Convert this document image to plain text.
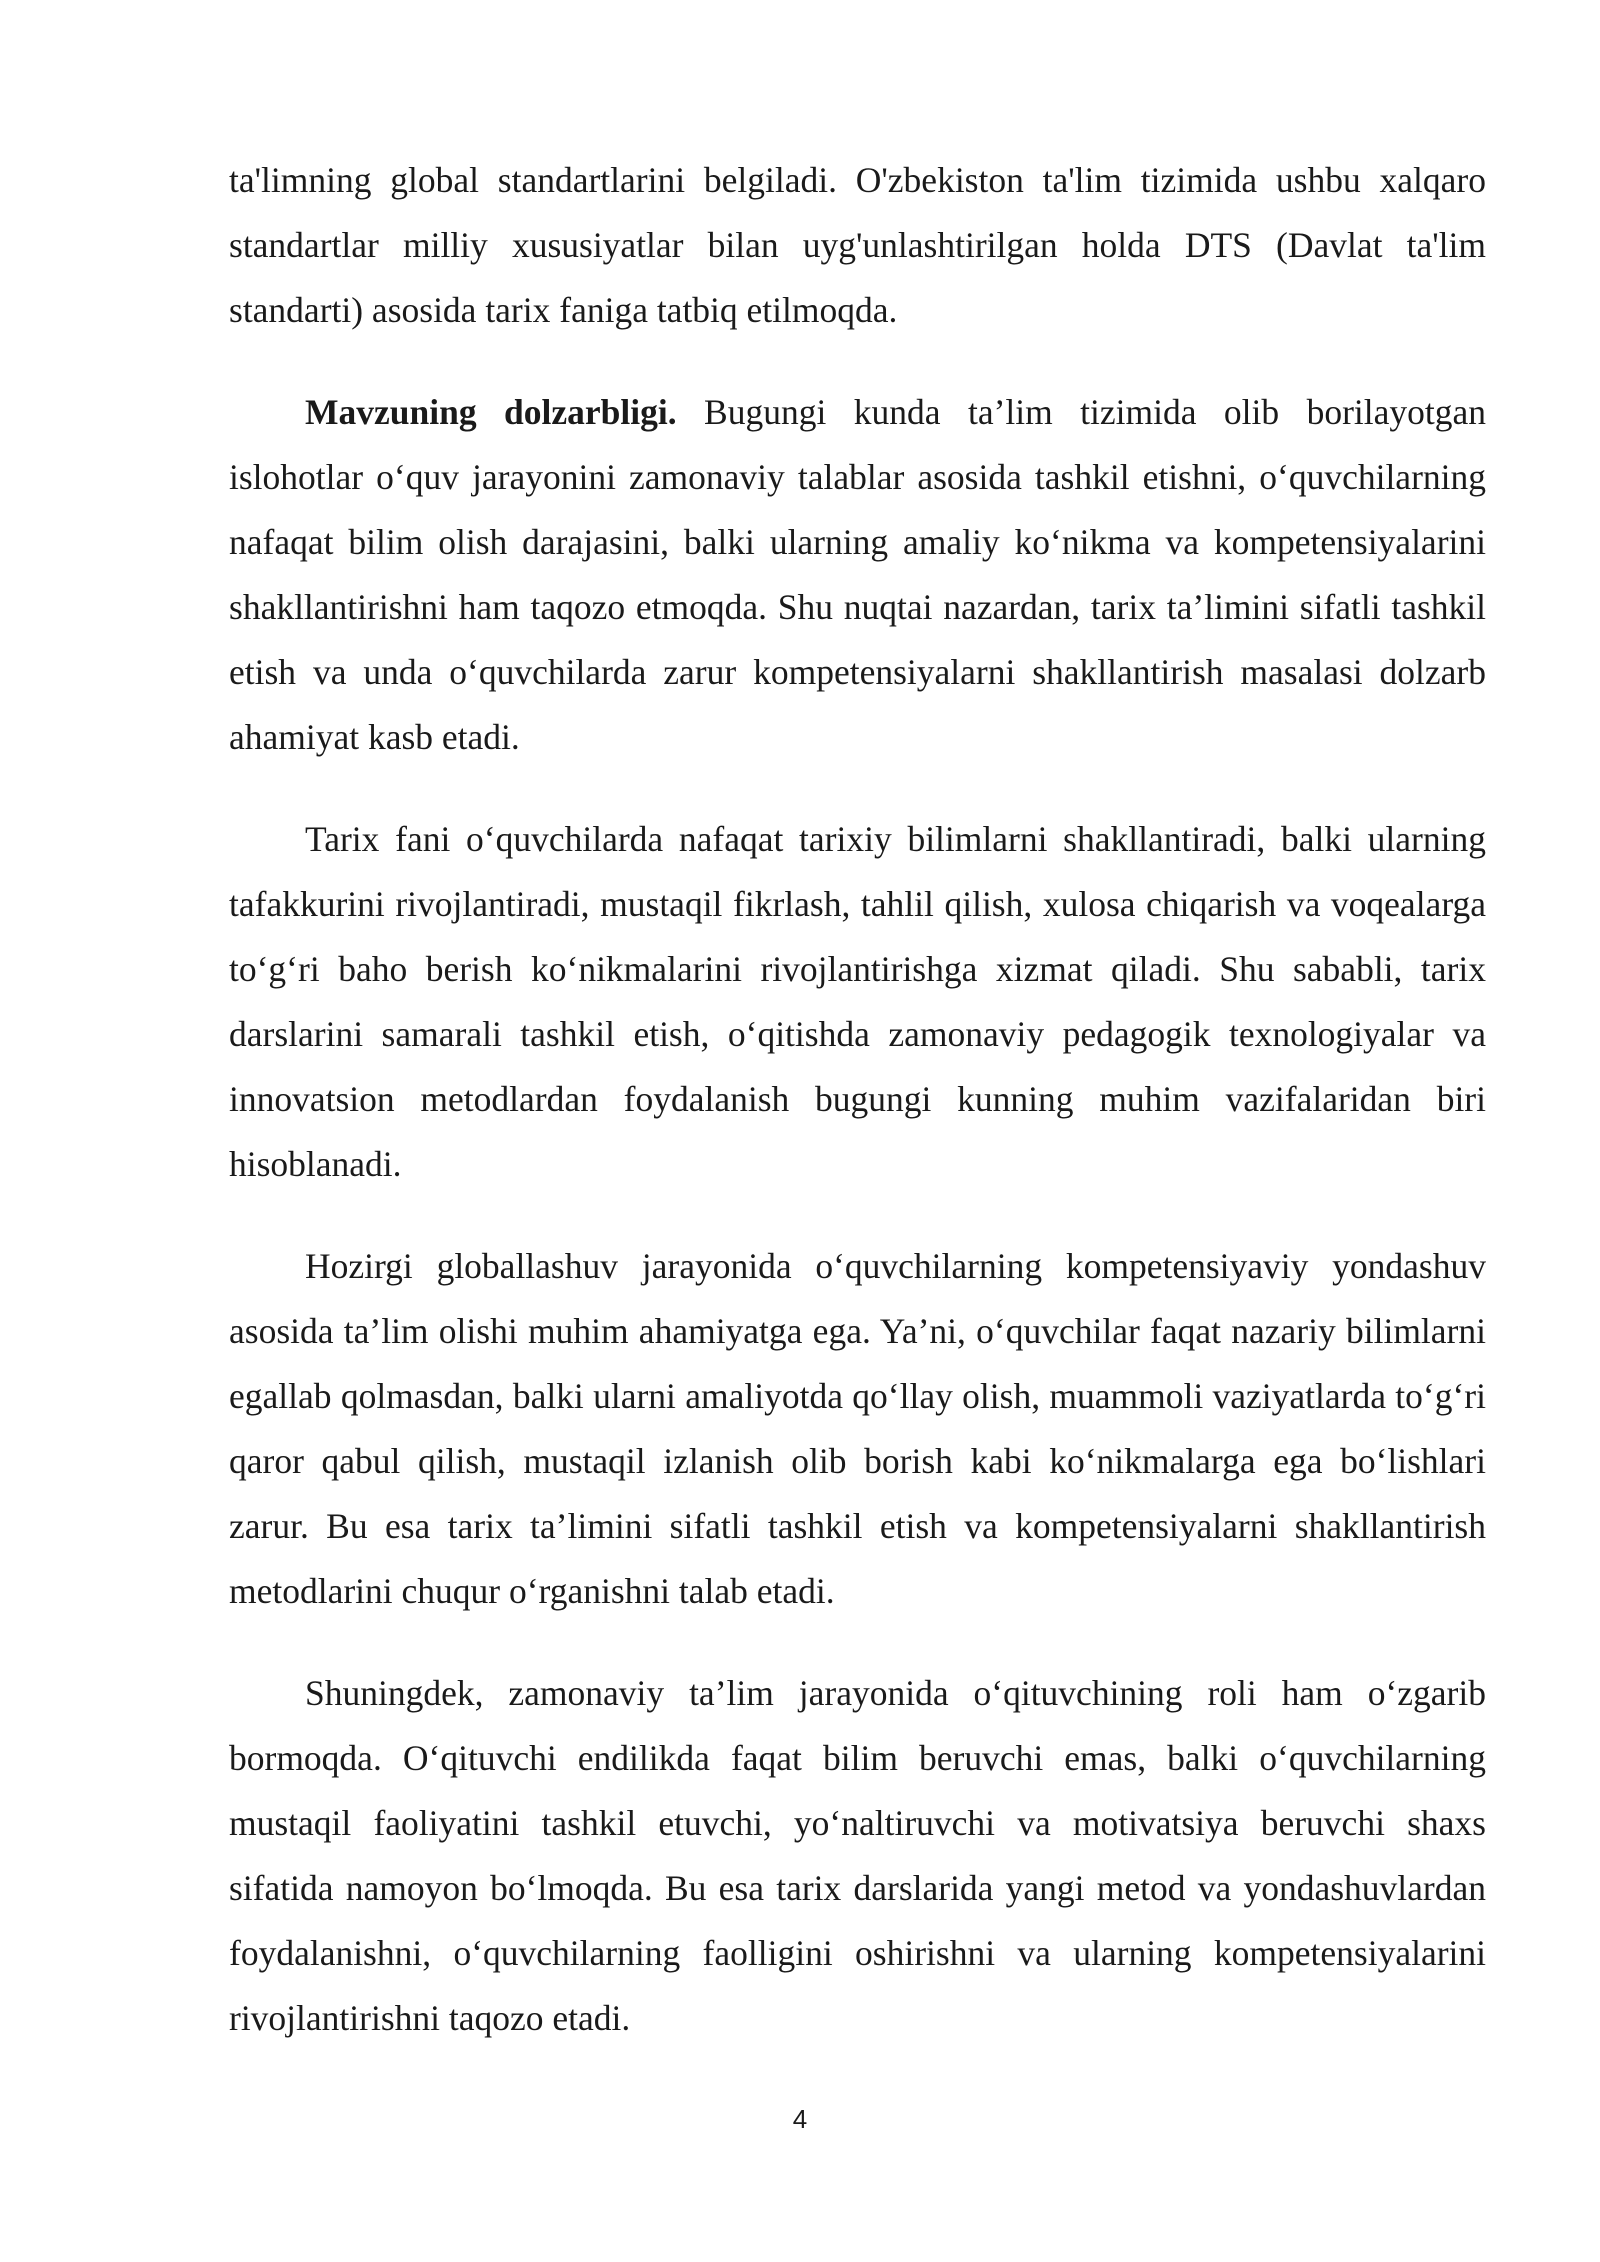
ta'limning global standartlarini belgiladi. O'zbekiston ta'lim tizimida ushbu xalqaro standartlar milliy xususiyatlar bilan uyg'unlashtirilgan holda DTS (Davlat ta'lim standarti) asosida tarix faniga tatbiq etilmoqda.

Mavzuning dolzarbligi. Bugungi kunda ta’lim tizimida olib borilayotgan islohotlar o‘quv jarayonini zamonaviy talablar asosida tashkil etishni, o‘quvchilarning nafaqat bilim olish darajasini, balki ularning amaliy ko‘nikma va kompetensiyalarini shakllantirishni ham taqozo etmoqda. Shu nuqtai nazardan, tarix ta’limini sifatli tashkil etish va unda o‘quvchilarda zarur kompetensiyalarni shakllantirish masalasi dolzarb ahamiyat kasb etadi.

Tarix fani o‘quvchilarda nafaqat tarixiy bilimlarni shakllantiradi, balki ularning tafakkurini rivojlantiradi, mustaqil fikrlash, tahlil qilish, xulosa chiqarish va voqealarga to‘g‘ri baho berish ko‘nikmalarini rivojlantirishga xizmat qiladi. Shu sababli, tarix darslarini samarali tashkil etish, o‘qitishda zamonaviy pedagogik texnologiyalar va innovatsion metodlardan foydalanish bugungi kunning muhim vazifalaridan biri hisoblanadi.

Hozirgi globallashuv jarayonida o‘quvchilarning kompetensiyaviy yondashuv asosida ta’lim olishi muhim ahamiyatga ega. Ya’ni, o‘quvchilar faqat nazariy bilimlarni egallab qolmasdan, balki ularni amaliyotda qo‘llay olish, muammoli vaziyatlarda to‘g‘ri qaror qabul qilish, mustaqil izlanish olib borish kabi ko‘nikmalarga ega bo‘lishlari zarur. Bu esa tarix ta’limini sifatli tashkil etish va kompetensiyalarni shakllantirish metodlarini chuqur o‘rganishni talab etadi.

Shuningdek, zamonaviy ta’lim jarayonida o‘qituvchining roli ham o‘zgarib bormoqda. O‘qituvchi endilikda faqat bilim beruvchi emas, balki o‘quvchilarning mustaqil faoliyatini tashkil etuvchi, yo‘naltiruvchi va motivatsiya beruvchi shaxs sifatida namoyon bo‘lmoqda. Bu esa tarix darslarida yangi metod va yondashuvlardan foydalanishni, o‘quvchilarning faolligini oshirishni va ularning kompetensiyalarini rivojlantirishni taqozo etadi.

4
